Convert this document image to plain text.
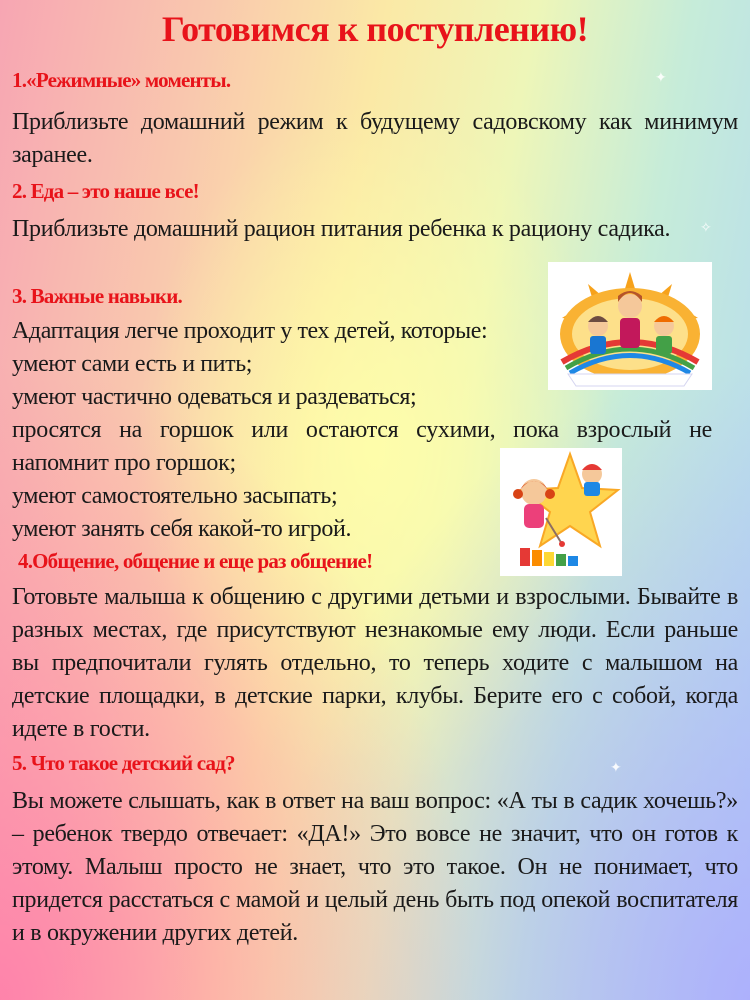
✦
✧
✦
Готовимся к поступлению!
1.«Режимные» моменты.
Приблизьте домашний режим к будущему садовскому как минимум заранее.
2. Еда – это наше все!
Приблизьте домашний рацион питания ребенка к рациону садика.
3. Важные навыки.
Адаптация легче проходит у тех детей, которые:
умеют сами есть и пить;
умеют частично одеваться и раздеваться;
просятся на горшок или остаются сухими, пока взрослый не напомнит про горшок;
умеют самостоятельно засыпать;
умеют занять себя какой-то игрой.
4.Общение, общение и еще раз общение!
Готовьте малыша к общению с другими детьми и взрослыми. Бывайте в разных местах, где присутствуют незнакомые ему люди. Если раньше вы предпочитали гулять отдельно, то теперь ходите с малышом на детские площадки, в детские парки, клубы. Берите его с собой, когда идете в гости.
5. Что такое детский сад?
Вы можете слышать, как в ответ на ваш вопрос: «А ты в садик хочешь?» – ребенок твердо отвечает: «ДА!» Это вовсе не значит, что он готов к этому. Малыш просто не знает, что это такое. Он не понимает, что придется расстаться с мамой и целый день быть под опекой воспитателя и в окружении других детей.
